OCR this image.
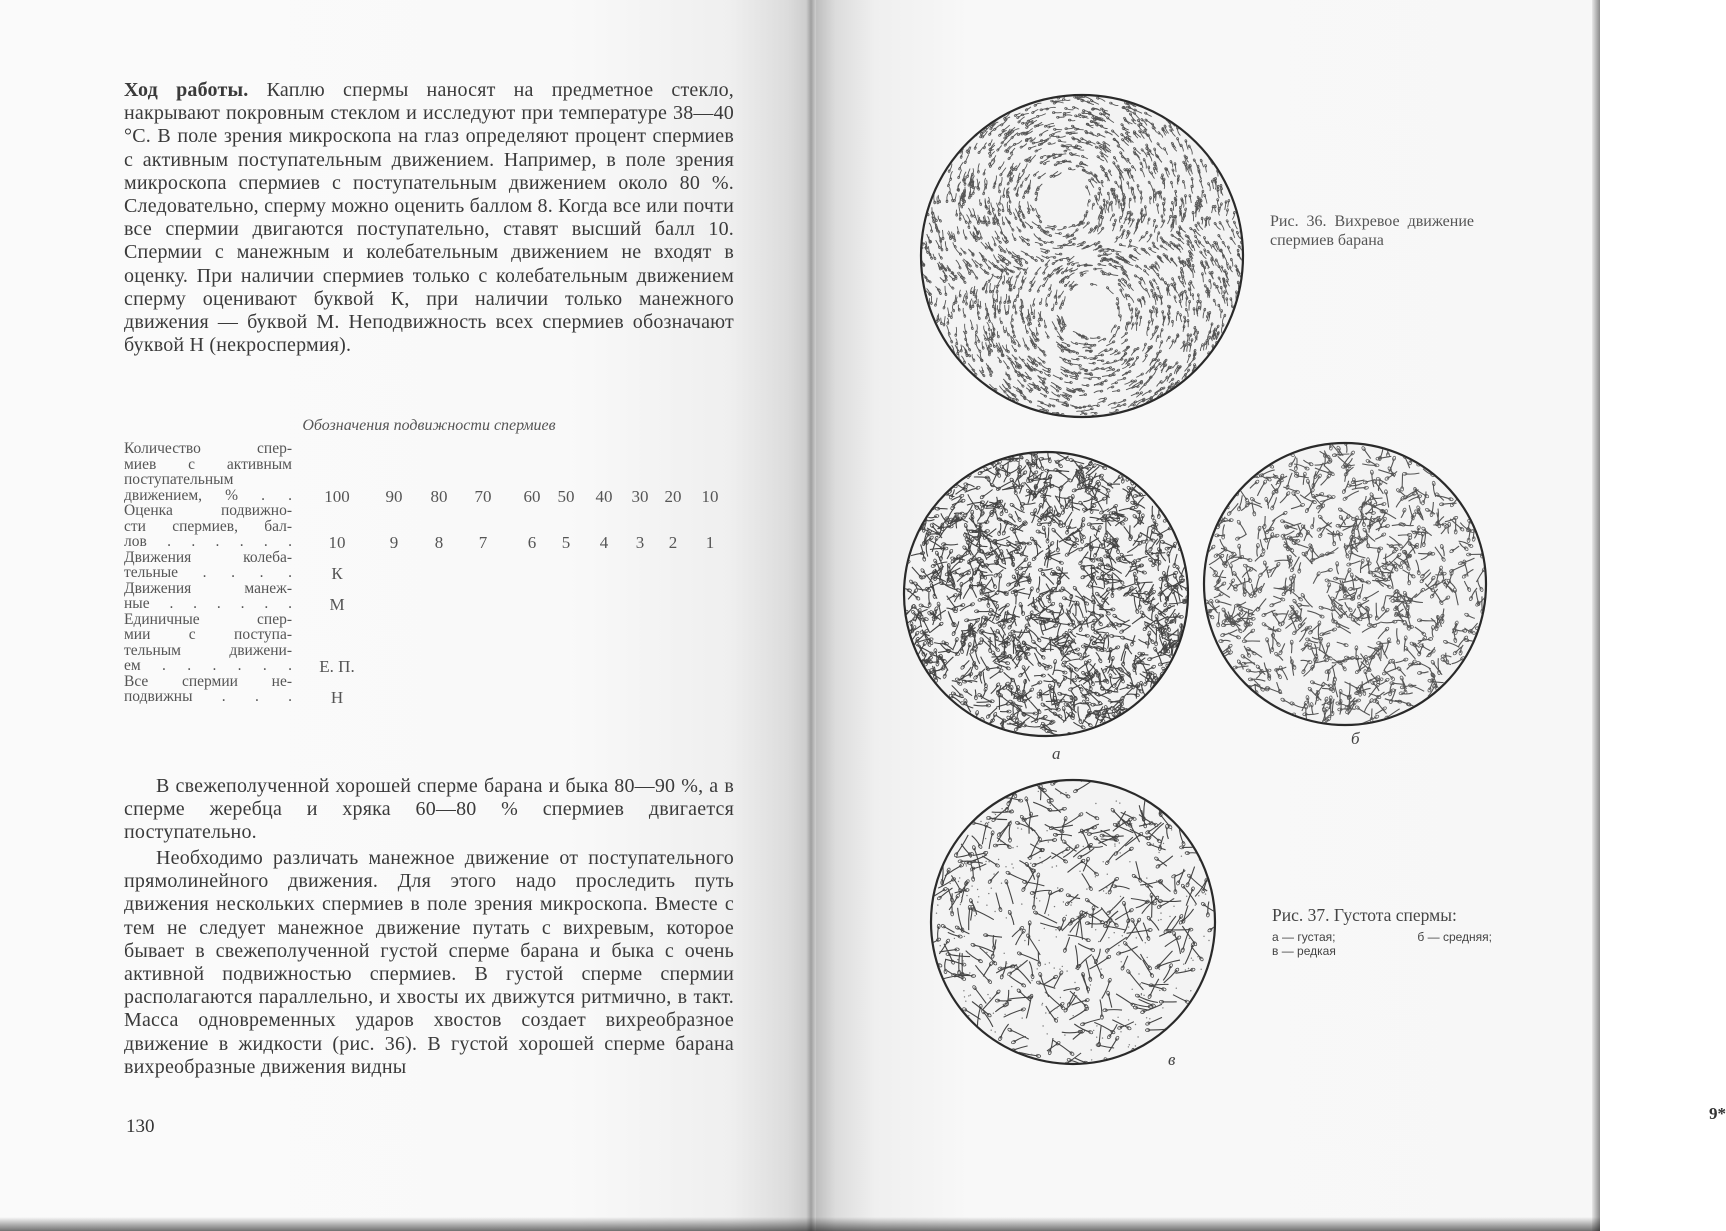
Ход работы. Каплю спермы наносят на предметное стекло, накрывают покровным стеклом и исследуют при температуре 38—40 °С. В поле зрения микроскопа на глаз определяют процент спермиев с активным поступательным движением. Например, в поле зрения микроскопа спермиев с поступательным движением около 80 %. Следовательно, сперму можно оценить баллом 8. Когда все или почти все спермии двигаются поступательно, ставят высший балл 10. Спермии с манежным и колебательным движением не входят в оценку. При наличии спермиев только с колебательным движением сперму оценивают буквой К, при наличии только манежного движения — буквой М. Неподвижность всех спермиев обозначают буквой Н (некроспермия).
Обозначения подвижности спермиев
Количество спер-
миев с активным
поступательным
движением, % . . 100 90 80 70 60 50 40 30 20 10
Оценка подвижно-
сти спермиев, бал-
лов . . . . . . 10	9 8 7 6 5 4 3 2 1
Движения колеба-
тельные . . . . К
Движения манеж-
ные . . . . . . М
Единичные спер-
мии с поступа-
тельным движени-
ем . . . . . . Е. П.
Все спермии не-
подвижны . . . Н
В свежеполученной хорошей сперме барана и быка 80—90 %, а в сперме жеребца и хряка 60—80 % спермиев двигается поступательно.
Необходимо различать манежное движение от поступательного прямолинейного движения. Для этого надо проследить путь движения нескольких спермиев в поле зрения микроскопа. Вместе с тем не следует манежное движение путать с вихревым, которое бывает в свежеполученной густой сперме барана и быка с очень активной подвижностью спермиев. В густой сперме спермии располагаются параллельно, и хвосты их движутся ритмично, в такт. Масса одновременных ударов хвостов создает вихреобразное движение в жидкости (рис. 36). В густой хорошей сперме барана вихреобразные движения видны
130
9*
Рис. 36. Вихревое движение спермиев барана
а
б
в
Рис. 37. Густота спермы:
а — густая;	б — средняя;
в — редкая
